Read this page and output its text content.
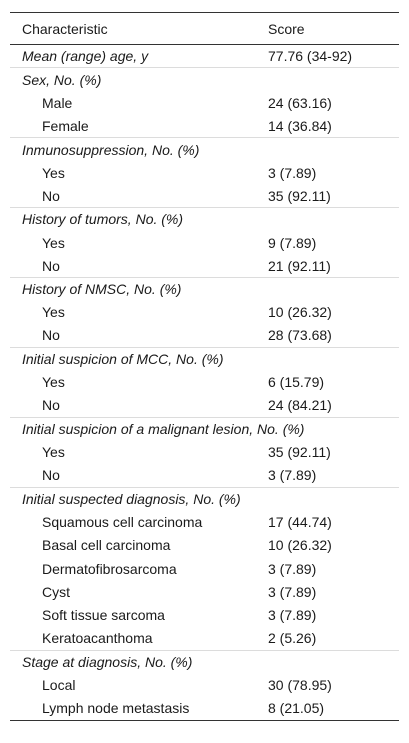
Characteristic	Score
Mean (range) age, y	77.76 (34-92)
Sex, No. (%)	
Male	24 (63.16)
Female	14 (36.84)
Inmunosuppression, No. (%)	
Yes	3 (7.89)
No	35 (92.11)
History of tumors, No. (%)	
Yes	9 (7.89)
No	21 (92.11)
History of NMSC, No. (%)	
Yes	10 (26.32)
No	28 (73.68)
Initial suspicion of MCC, No. (%)	
Yes	6 (15.79)
No	24 (84.21)
Initial suspicion of a malignant lesion, No. (%)	
Yes	35 (92.11)
No	3 (7.89)
Initial suspected diagnosis, No. (%)	
Squamous cell carcinoma	17 (44.74)
Basal cell carcinoma	10 (26.32)
Dermatofibrosarcoma	3 (7.89)
Cyst	3 (7.89)
Soft tissue sarcoma	3 (7.89)
Keratoacanthoma	2 (5.26)
Stage at diagnosis, No. (%)	
Local	30 (78.95)
Lymph node metastasis	8 (21.05)
